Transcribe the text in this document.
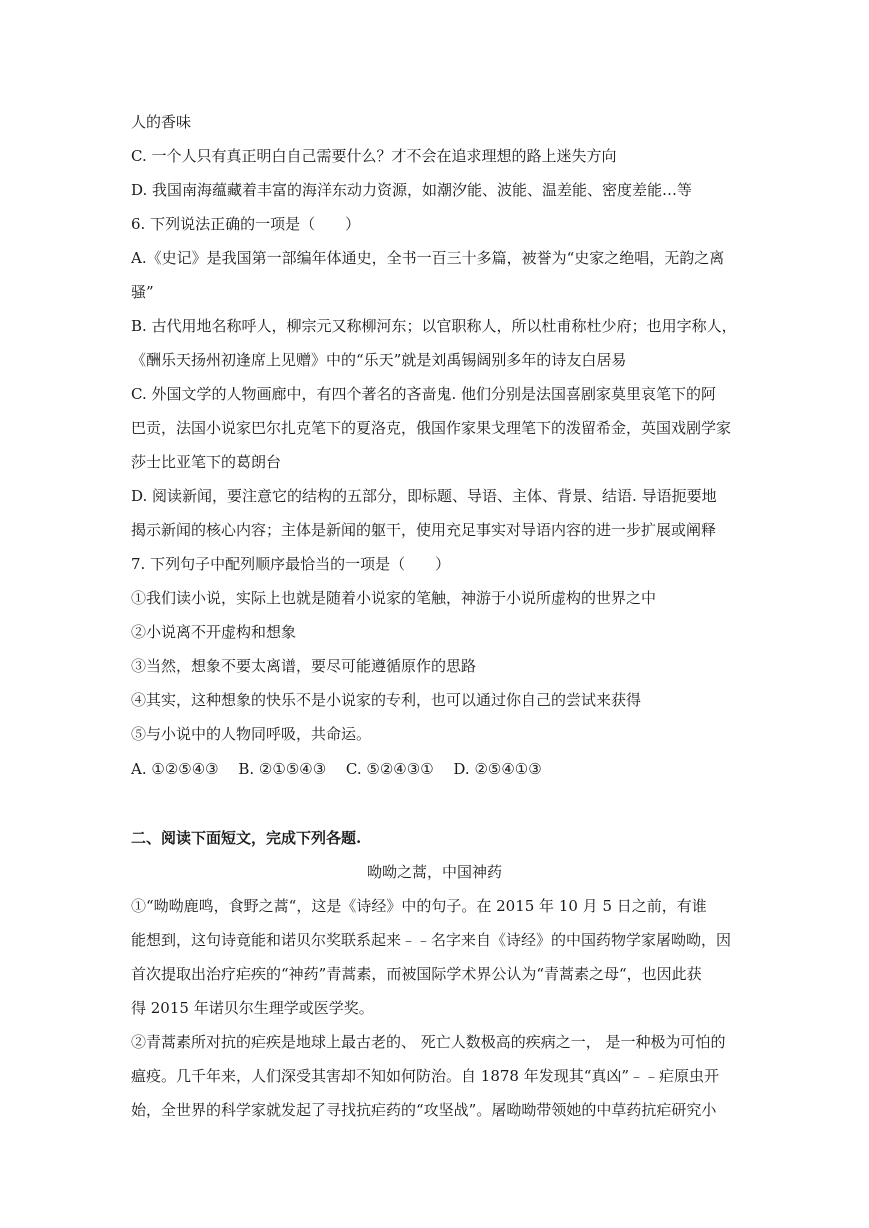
人的香味
C. 一个人只有真正明白自己需要什么？才不会在追求理想的路上迷失方向
D. 我国南海蕴藏着丰富的海洋东动力资源，如潮汐能、波能、温差能、密度差能…等
6. 下列说法正确的一项是（　　）
A.《史记》是我国第一部编年体通史，全书一百三十多篇，被誉为“史家之绝唱，无韵之离
骚”
B. 古代用地名称呼人，柳宗元又称柳河东；以官职称人，所以杜甫称杜少府；也用字称人，
《酬乐天扬州初逢席上见赠》中的“乐天”就是刘禹锡阔别多年的诗友白居易
C. 外国文学的人物画廊中，有四个著名的吝啬鬼. 他们分别是法国喜剧家莫里哀笔下的阿
巴贡，法国小说家巴尔扎克笔下的夏洛克，俄国作家果戈理笔下的泼留希金，英国戏剧学家
莎士比亚笔下的葛朗台
D. 阅读新闻，要注意它的结构的五部分，即标题、导语、主体、背景、结语. 导语扼要地
揭示新闻的核心内容；主体是新闻的躯干，使用充足事实对导语内容的进一步扩展或阐释
7. 下列句子中配列顺序最恰当的一项是（　　）
①我们读小说，实际上也就是随着小说家的笔触，神游于小说所虚构的世界之中
②小说离不开虚构和想象
③当然，想象不要太离谱，要尽可能遵循原作的思路
④其实，这种想象的快乐不是小说家的专利，也可以通过你自己的尝试来获得
⑤与小说中的人物同呼吸，共命运。
A. ①②⑤④③　 B. ②①⑤④③　 C. ⑤②④③①　 D. ②⑤④①③
二、阅读下面短文，完成下列各题.
呦呦之蒿，中国神药
①“呦呦鹿鸣，食野之蒿“，这是《诗经》中的句子。在 2015 年 10 月 5 日之前，有谁
能想到，这句诗竟能和诺贝尔奖联系起来﹣﹣名字来自《诗经》的中国药物学家屠呦呦，因
首次提取出治疗疟疾的“神药”青蒿素，而被国际学术界公认为“青蒿素之母“，也因此获
得 2015 年诺贝尔生理学或医学奖。
②青蒿素所对抗的疟疾是地球上最古老的、 死亡人数极高的疾病之一， 是一种极为可怕的
瘟疫。几千年来，人们深受其害却不知如何防治。自 1878 年发现其“真凶”﹣﹣疟原虫开
始，全世界的科学家就发起了寻找抗疟药的“攻坚战”。屠呦呦带领她的中草药抗疟研究小
